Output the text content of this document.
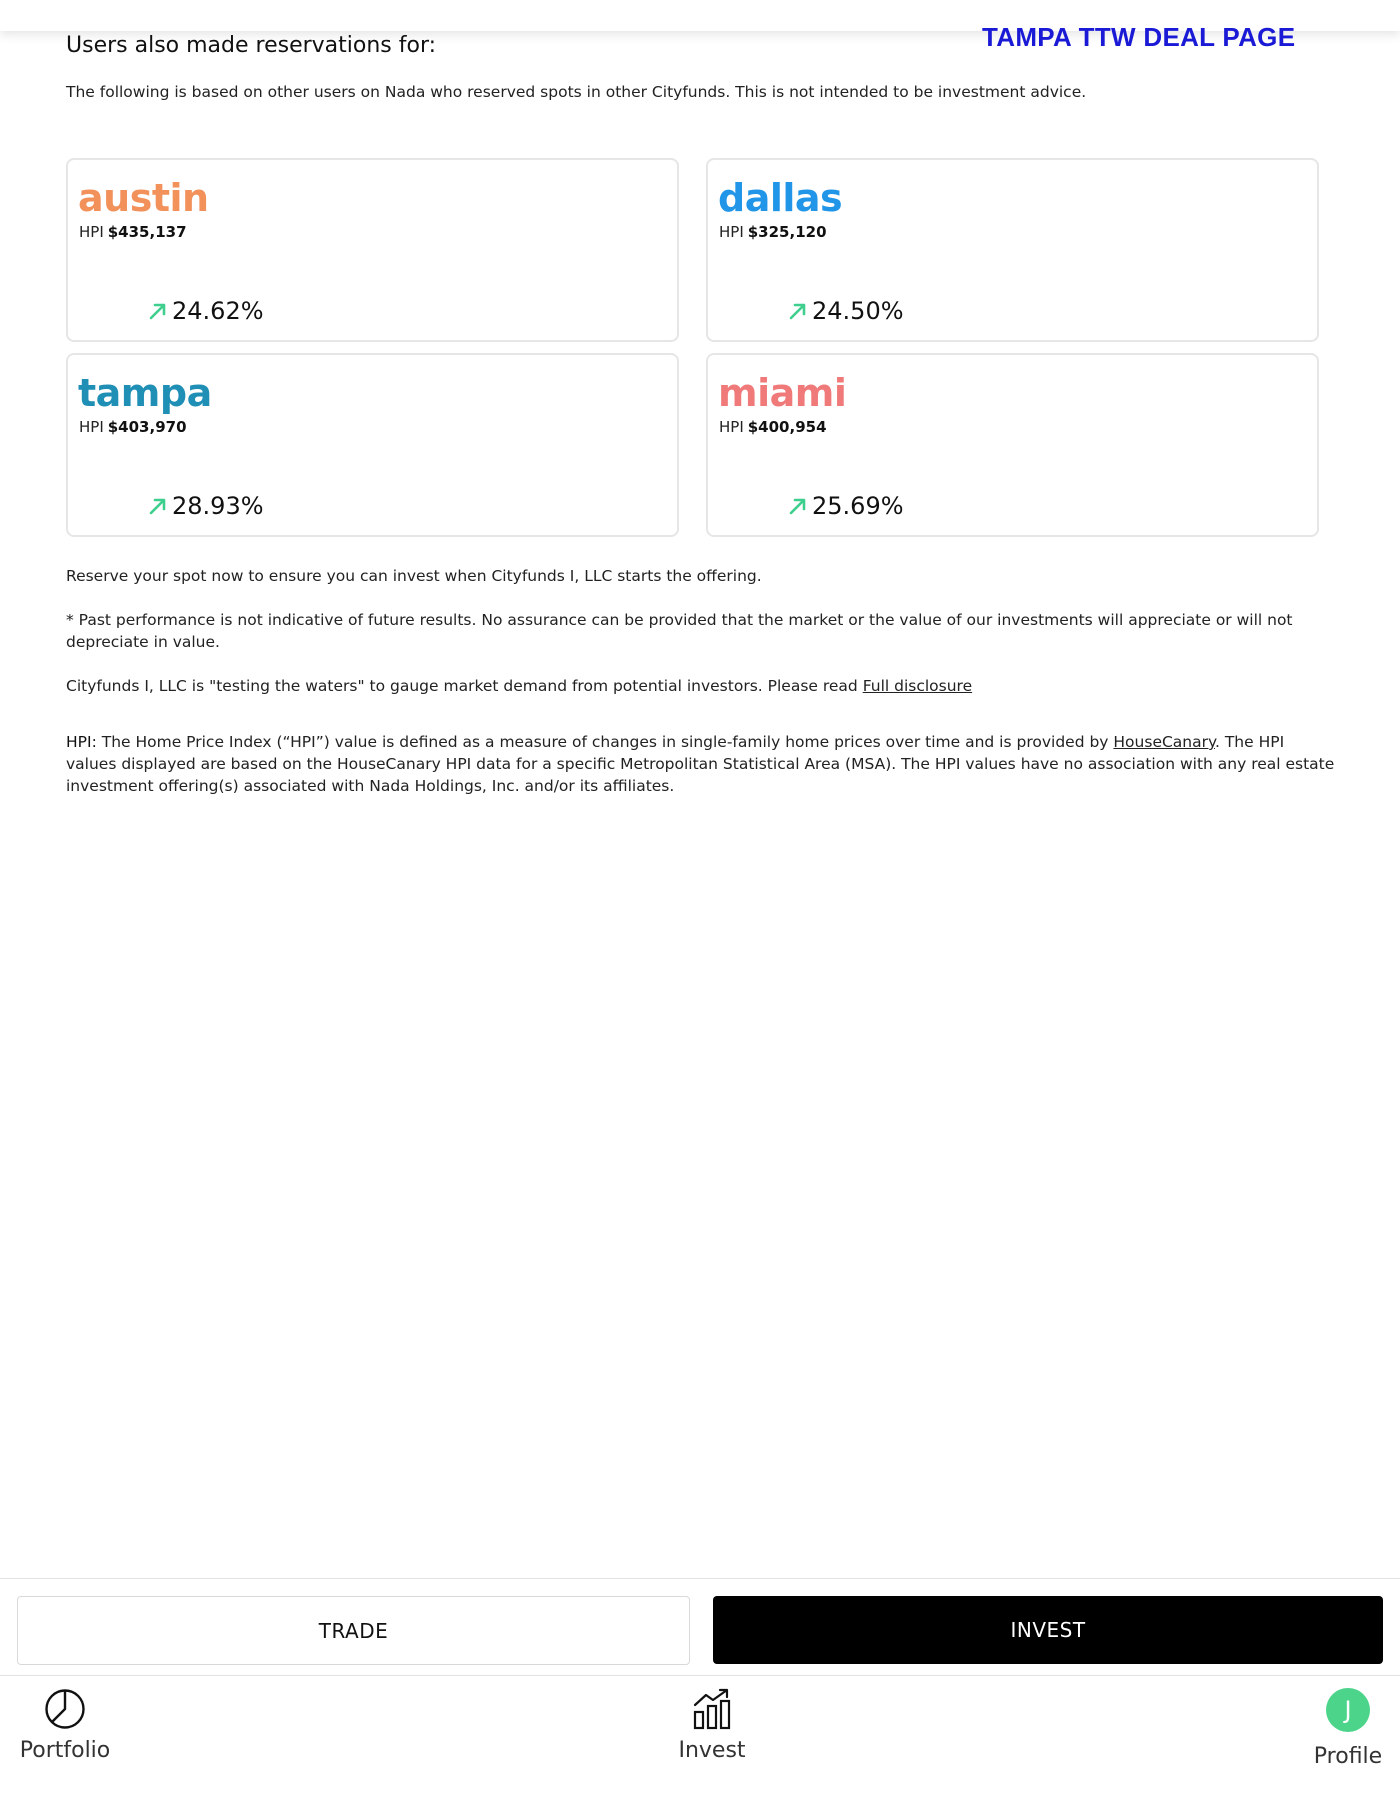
TAMPA TTW DEAL PAGE
Users also made reservations for:
The following is based on other users on Nada who reserved spots in other Cityfunds. This is not intended to be investment advice.
austin
HPI $435,137
24.62%
dallas
HPI $325,120
24.50%
tampa
HPI $403,970
28.93%
miami
HPI $400,954
25.69%
Reserve your spot now to ensure you can invest when Cityfunds I, LLC starts the offering.
* Past performance is not indicative of future results. No assurance can be provided that the market or the value of our investments will appreciate or will not depreciate in value.
Cityfunds I, LLC is "testing the waters" to gauge market demand from potential investors. Please read Full disclosure
HPI: The Home Price Index (“HPI”) value is defined as a measure of changes in single-family home prices over time and is provided by HouseCanary. The HPI values displayed are based on the HouseCanary HPI data for a specific Metropolitan Statistical Area (MSA). The HPI values have no association with any real estate investment offering(s) associated with Nada Holdings, Inc. and/or its affiliates.
TRADE	INVEST
Portfolio	Invest
J
Profile
